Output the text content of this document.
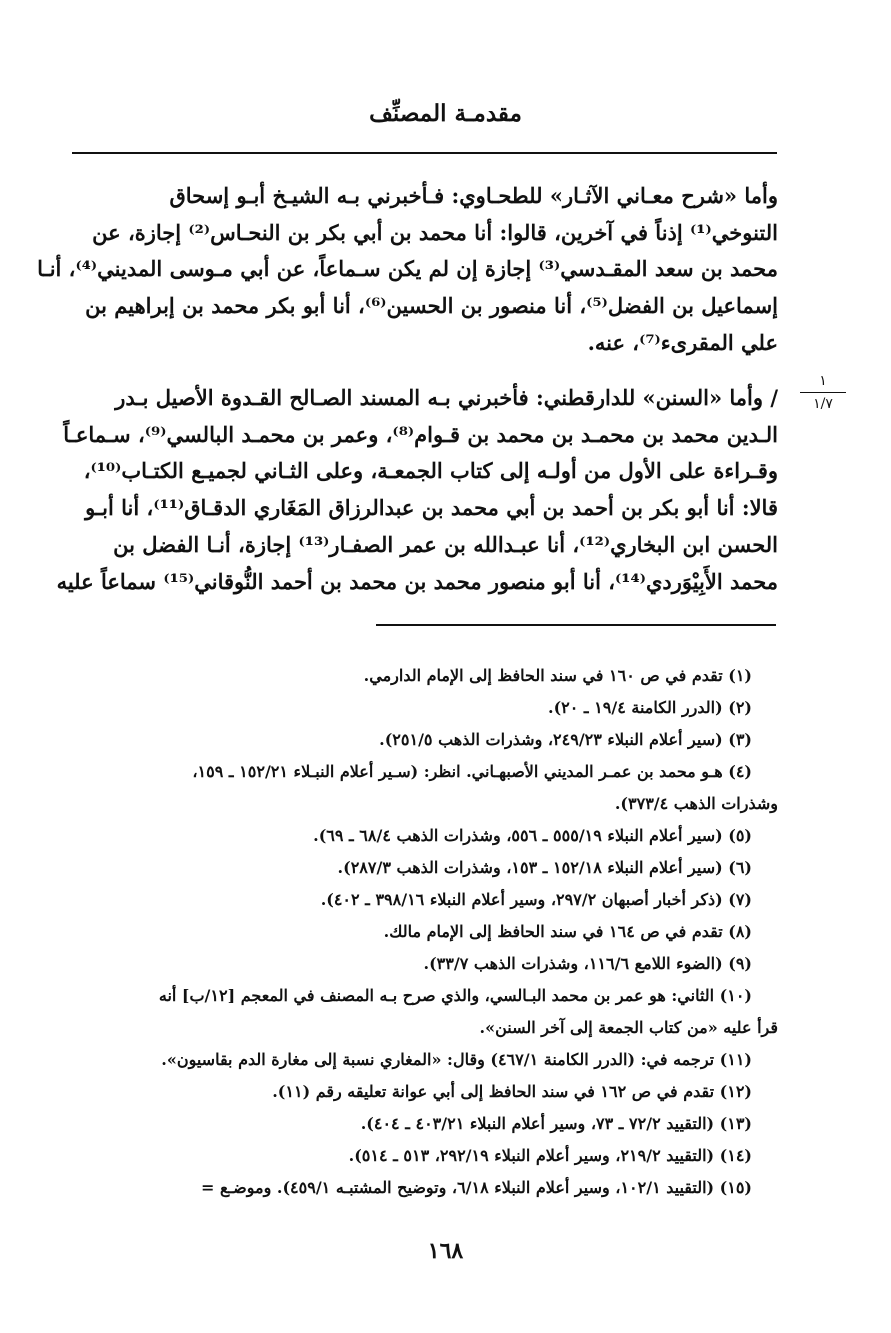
مقدمـة المصنِّف
وأما «شرح معـاني الآثـار» للطحـاوي: فـأخبرني بـه الشيـخ أبـو إسحاق
التنوخي⁽¹⁾ إذناً في آخرين، قالوا: أنا محمد بن أبي بكر بن النحـاس⁽²⁾ إجازة، عن
محمد بن سعد المقـدسي⁽³⁾ إجازة إن لم يكن سـماعاً، عن أبي مـوسى المديني⁽⁴⁾، أنـا
إسماعيل بن الفضل⁽⁵⁾، أنا منصور بن الحسين⁽⁶⁾، أنا أبو بكر محمد بن إبراهيم بن
علي المقرىء⁽⁷⁾، عنه.
١
١/٧
/ وأما «السنن» للدارقطني: فأخبرني بـه المسند الصـالح القـدوة الأصيل بـدر
الـدين محمد بن محمـد بن محمد بن قـوام⁽⁸⁾، وعمر بن محمـد البالسي⁽⁹⁾، سـماعـاً
وقـراءة على الأول من أولـه إلى كتاب الجمعـة، وعلى الثـاني لجميـع الكتـاب⁽¹⁰⁾،
قالا: أنا أبو بكر بن أحمد بن أبي محمد بن عبدالرزاق المَغَاري الدقـاق⁽¹¹⁾، أنا أبـو
الحسن ابن البخاري⁽¹²⁾، أنا عبـدالله بن عمر الصفـار⁽¹³⁾ إجازة، أنـا الفضل بن
محمد الأَبِيْوَردي⁽¹⁴⁾، أنا أبو منصور محمد بن محمد بن أحمد النُّوقاني⁽¹⁵⁾ سماعاً عليه
(١) تقدم في ص ١٦٠ في سند الحافظ إلى الإمام الدارمي.
(٢) (الدرر الكامنة ١٩/٤ ـ ٢٠).
(٣) (سير أعلام النبلاء ٢٤٩/٢٣، وشذرات الذهب ٢٥١/٥).
(٤) هـو محمد بن عمـر المديني الأصبهـاني. انظر: (سـير أعلام النبـلاء ١٥٢/٢١ ـ ١٥٩،
وشذرات الذهب ٣٧٣/٤).
(٥) (سير أعلام النبلاء ٥٥٥/١٩ ـ ٥٥٦، وشذرات الذهب ٦٨/٤ ـ ٦٩).
(٦) (سير أعلام النبلاء ١٥٢/١٨ ـ ١٥٣، وشذرات الذهب ٢٨٧/٣).
(٧) (ذكر أخبار أصبهان ٢٩٧/٢، وسير أعلام النبلاء ٣٩٨/١٦ ـ ٤٠٢).
(٨) تقدم في ص ١٦٤ في سند الحافظ إلى الإمام مالك.
(٩) (الضوء اللامع ١١٦/٦، وشذرات الذهب ٣٣/٧).
(١٠) الثاني: هو عمر بن محمد البـالسي، والذي صرح بـه المصنف في المعجم [١٢/ب] أنه
قرأ عليه «من كتاب الجمعة إلى آخر السنن».
(١١) ترجمه في: (الدرر الكامنة ٤٦٧/١) وقال: «المغاري نسبة إلى مغارة الدم بقاسيون».
(١٢) تقدم في ص ١٦٢ في سند الحافظ إلى أبي عوانة تعليقه رقم (١١).
(١٣) (التقييد ٧٢/٢ ـ ٧٣، وسير أعلام النبلاء ٤٠٣/٢١ ـ ٤٠٤).
(١٤) (التقييد ٢١٩/٢، وسير أعلام النبلاء ٢٩٢/١٩، ٥١٣ ـ ٥١٤).
(١٥) (التقييد ١٠٢/١، وسير أعلام النبلاء ٦/١٨، وتوضيح المشتبـه ٤٥٩/١). وموضـع =
١٦٨
